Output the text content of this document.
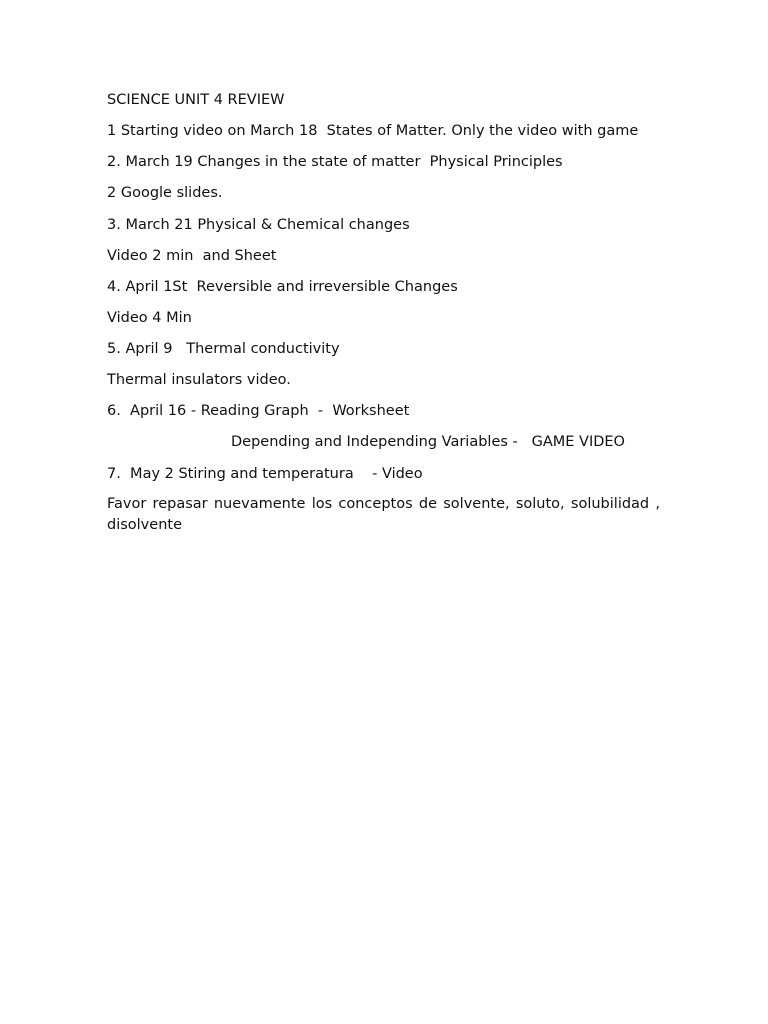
SCIENCE UNIT 4 REVIEW
1 Starting video on March 18  States of Matter. Only the video with game
2. March 19 Changes in the state of matter  Physical Principles
2 Google slides.
3. March 21 Physical & Chemical changes
Video 2 min  and Sheet
4. April 1St  Reversible and irreversible Changes
Video 4 Min
5. April 9   Thermal conductivity
Thermal insulators video.
6.  April 16 - Reading Graph  -  Worksheet
Depending and Independing Variables -   GAME VIDEO
7.  May 2 Stiring and temperatura    - Video
Favor repasar nuevamente los conceptos de solvente, soluto, solubilidad , disolvente
